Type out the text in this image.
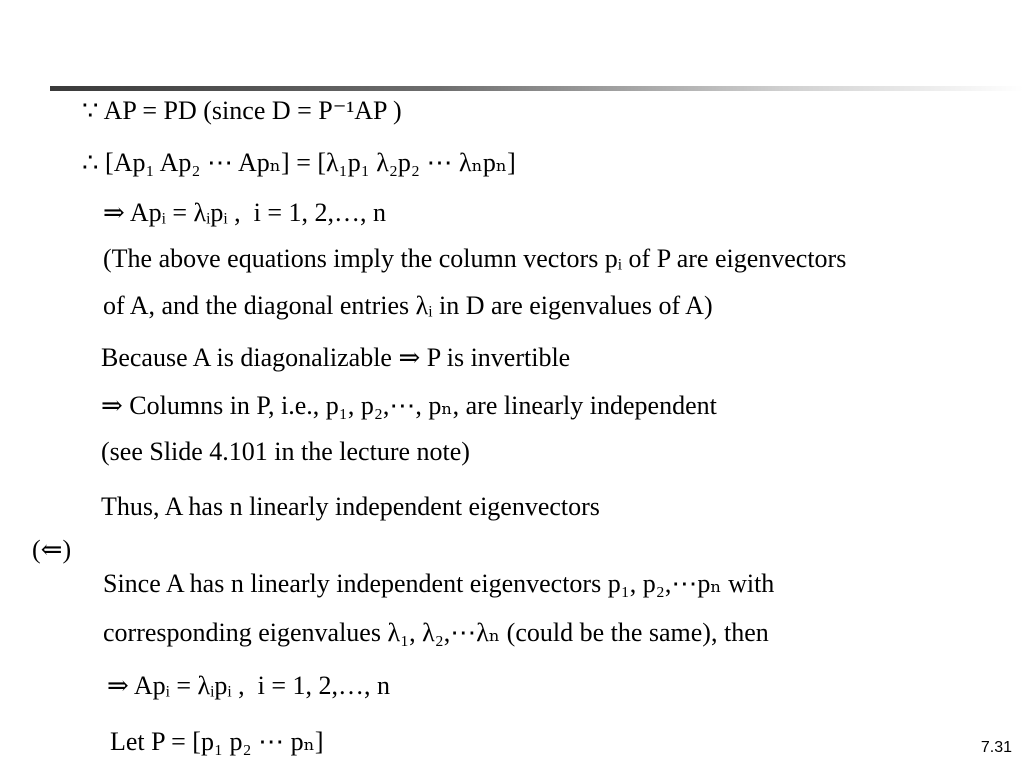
∵ AP = PD (since D = P⁻¹AP )
∴ [Ap₁ Ap₂ ⋯ Apₙ] = [λ₁p₁ λ₂p₂ ⋯ λₙpₙ]
⇒ Apᵢ = λᵢpᵢ ,  i = 1, 2,…, n
(The above equations imply the column vectors pᵢ of P are eigenvectors
of A, and the diagonal entries λᵢ in D are eigenvalues of A)
Because A is diagonalizable ⇒ P is invertible
⇒ Columns in P, i.e., p₁, p₂,⋯, pₙ, are linearly independent
(see Slide 4.101 in the lecture note)
Thus, A has n linearly independent eigenvectors
(⇐)
Since A has n linearly independent eigenvectors p₁, p₂,⋯pₙ with
corresponding eigenvalues λ₁, λ₂,⋯λₙ (could be the same), then
⇒ Apᵢ = λᵢpᵢ ,  i = 1, 2,…, n
Let P = [p₁ p₂ ⋯ pₙ]	7.31
